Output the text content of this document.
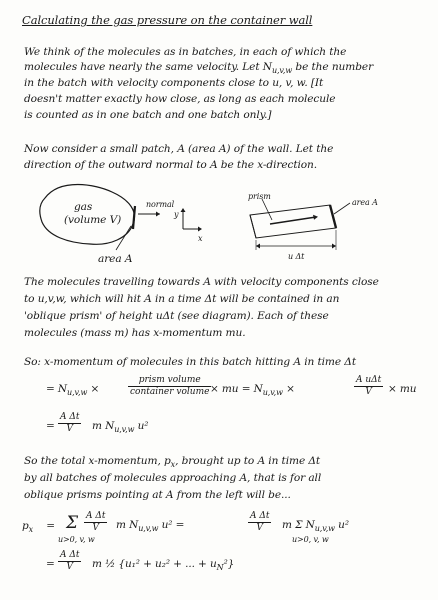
Calculating the gas pressure on the container wall
We think of the molecules as in batches, in each of which the
molecules have nearly the same velocity. Let $N_{u,v,w}$ be the number
in the batch with velocity components close to u, v, w. [It
doesn't matter exactly how close, as long as each molecule
is counted as in one batch and one batch only.]
Now consider a small patch, A (area A) of the wall. Let the
direction of the outward normal to A be the x-direction.
gas
(volume V)
normal
y
x
area A
prism
area A
u Δt
The molecules travelling towards A with velocity components close
to u,v,w, which will hit A in a time Δt will be contained in an
'oblique prism' of height uΔt (see diagram). Each of these
molecules (mass m) has x-momentum mu.
So: x-momentum of molecules in this batch hitting A in time Δt
= $N_{u,v,w}$ ×
prism volume
container volume × mu = $N_{u,v,w}$ ×
A uΔt
V	× mu
= $\frac{\text{A Δt}}{V}$ m $N_{u,v,w}$ u²
So the total x-momentum, $p_x$, brought up to A in time Δt
by all batches of molecules approaching A, that is for all
oblique prisms pointing at A from the left will be...
$p_x = \Sigma$
u>0, v, w
$\frac{\text{A Δt}}{V}$ m $N_{u,v,w}$ u² =	$\frac{\text{A Δt}}{V}$ m Σ $N_{u,v,w}$ u²
u>0, v, w
= $\frac{\text{A Δt}}{V}$ m ½ {u₁² + u₂² + ... + $u_N^2$}
